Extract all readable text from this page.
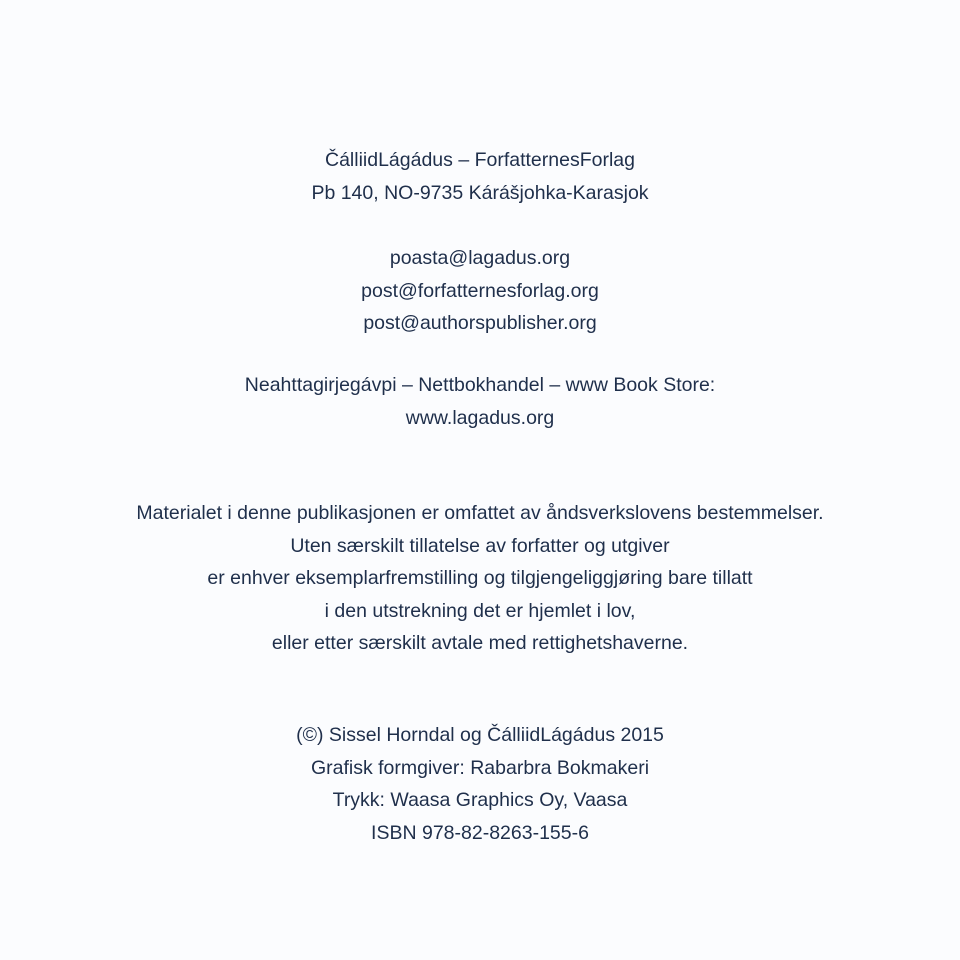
ČálliidLágádus – ForfatternesForlag
Pb 140, NO-9735 Kárášjohka-Karasjok
poasta@lagadus.org
post@forfatternesforlag.org
post@authorspublisher.org
Neahttagirjegávpi – Nettbokhandel – www Book Store:
www.lagadus.org
Materialet i denne publikasjonen er omfattet av åndsverkslovens bestemmelser.
Uten særskilt tillatelse av forfatter og utgiver
er enhver eksemplarfremstilling og tilgjengeliggjøring bare tillatt
i den utstrekning det er hjemlet i lov,
eller etter særskilt avtale med rettighetshaverne.
(©) Sissel Horndal og ČálliidLágádus 2015
Grafisk formgiver: Rabarbra Bokmakeri
Trykk: Waasa Graphics Oy, Vaasa
ISBN 978-82-8263-155-6
